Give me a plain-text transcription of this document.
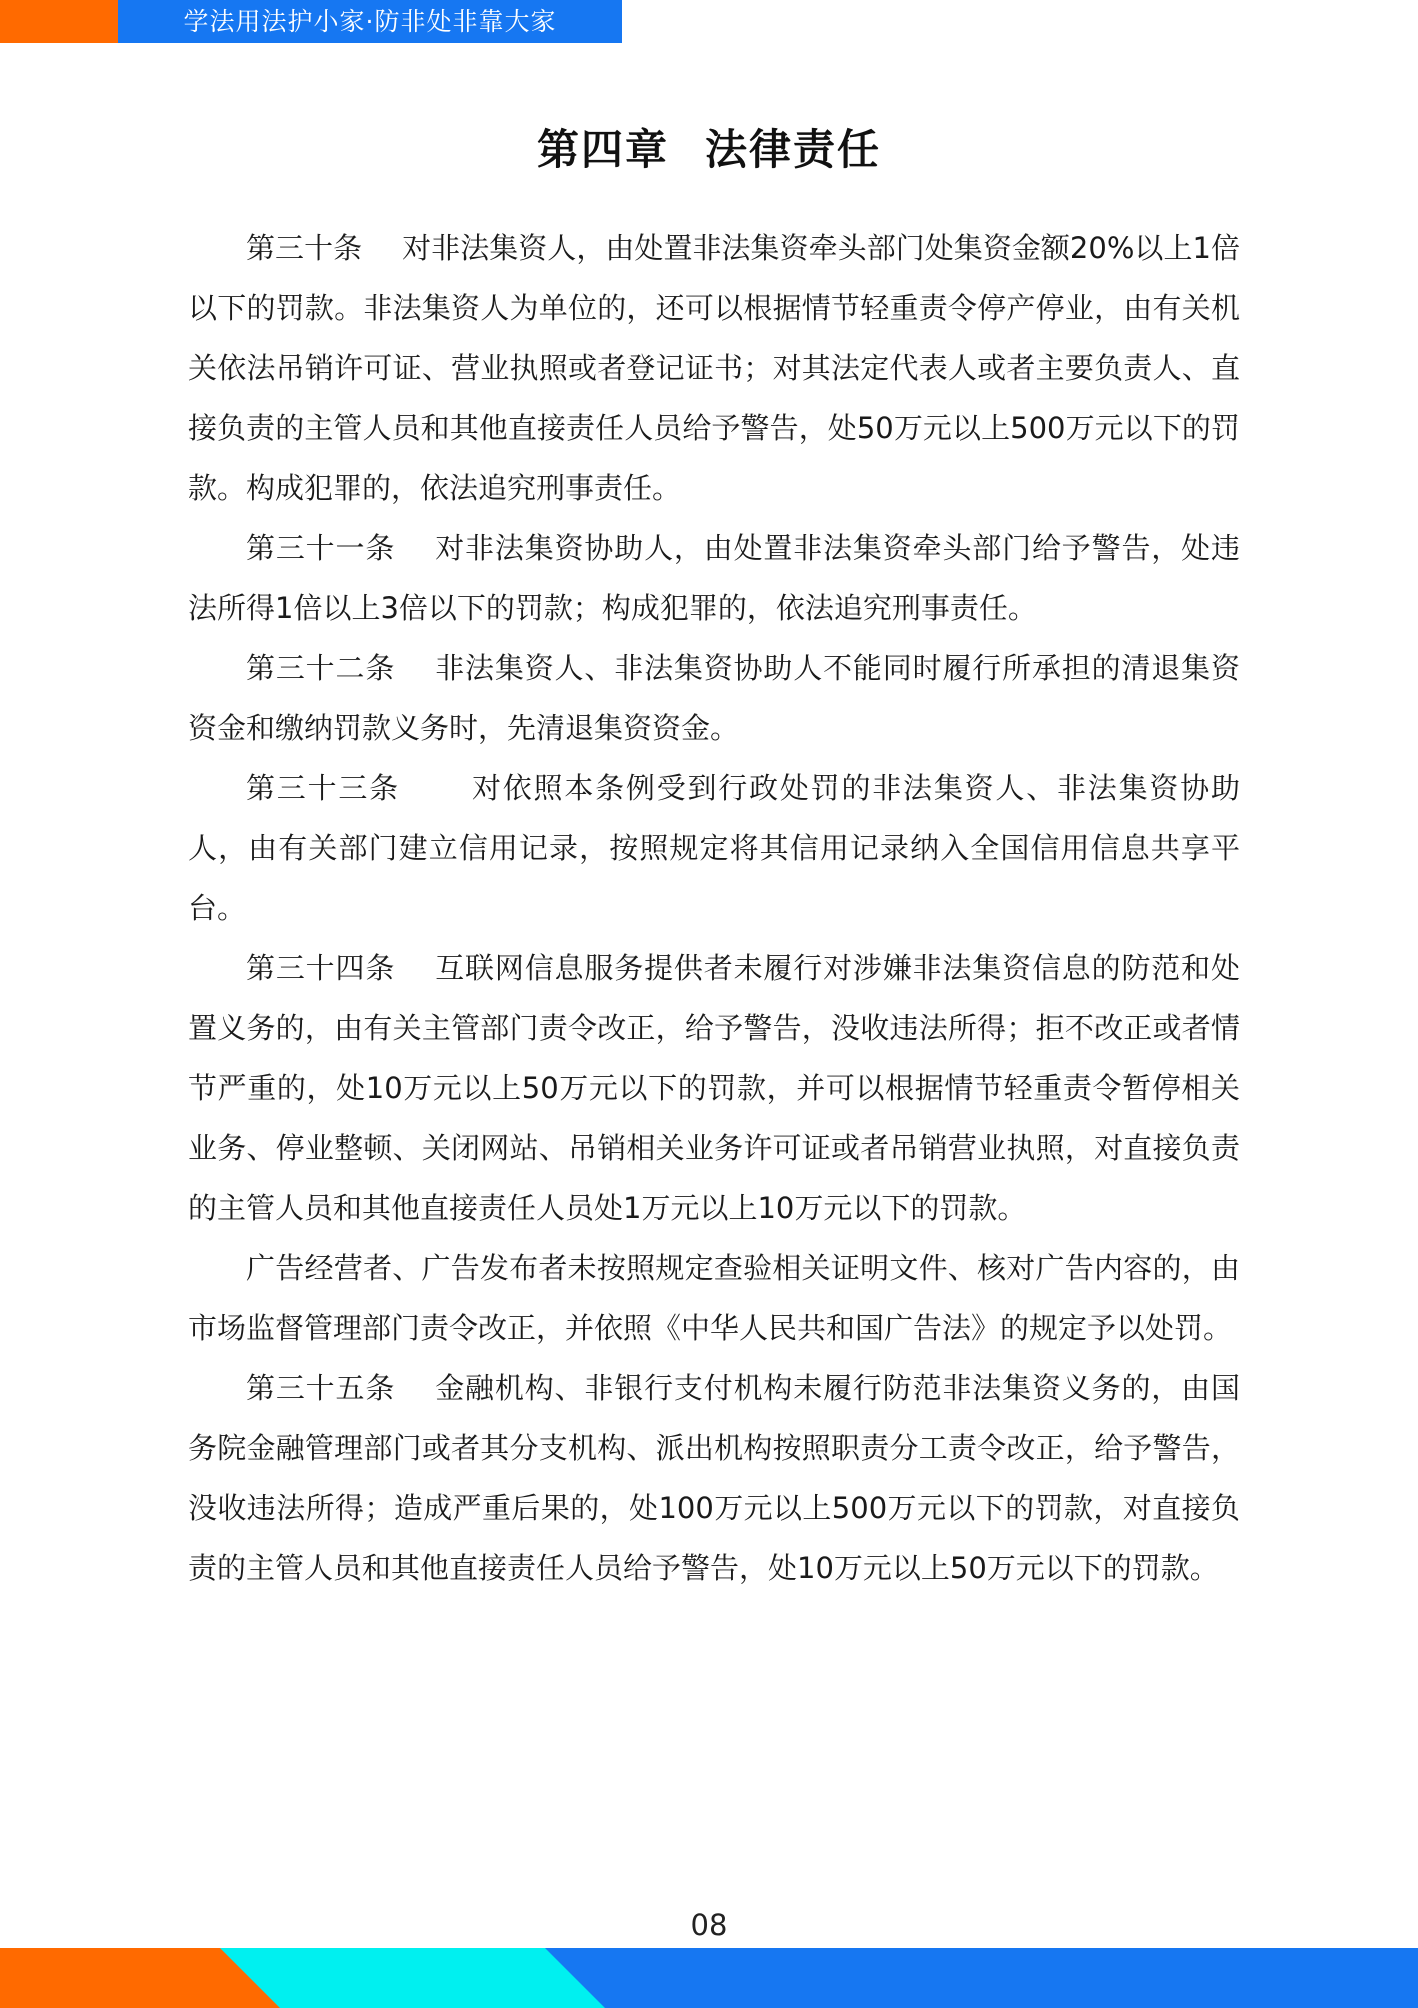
学法用法护小家·防非处非靠大家
第四章 法律责任

第三十条 对非法集资人，由处置非法集资牵头部门处集资金额20%以上1倍以下的罚款。非法集资人为单位的，还可以根据情节轻重责令停产停业，由有关机关依法吊销许可证、营业执照或者登记证书；对其法定代表人或者主要负责人、直接负责的主管人员和其他直接责任人员给予警告，处50万元以上500万元以下的罚款。构成犯罪的，依法追究刑事责任。

第三十一条 对非法集资协助人，由处置非法集资牵头部门给予警告，处违法所得1倍以上3倍以下的罚款；构成犯罪的，依法追究刑事责任。

第三十二条 非法集资人、非法集资协助人不能同时履行所承担的清退集资资金和缴纳罚款义务时，先清退集资资金。

第三十三条 对依照本条例受到行政处罚的非法集资人、非法集资协助人，由有关部门建立信用记录，按照规定将其信用记录纳入全国信用信息共享平台。

第三十四条 互联网信息服务提供者未履行对涉嫌非法集资信息的防范和处置义务的，由有关主管部门责令改正，给予警告，没收违法所得；拒不改正或者情节严重的，处10万元以上50万元以下的罚款，并可以根据情节轻重责令暂停相关业务、停业整顿、关闭网站、吊销相关业务许可证或者吊销营业执照，对直接负责的主管人员和其他直接责任人员处1万元以上10万元以下的罚款。

广告经营者、广告发布者未按照规定查验相关证明文件、核对广告内容的，由市场监督管理部门责令改正，并依照《中华人民共和国广告法》的规定予以处罚。

第三十五条 金融机构、非银行支付机构未履行防范非法集资义务的，由国务院金融管理部门或者其分支机构、派出机构按照职责分工责令改正，给予警告，没收违法所得；造成严重后果的，处100万元以上500万元以下的罚款，对直接负责的主管人员和其他直接责任人员给予警告，处10万元以上50万元以下的罚款。

08
